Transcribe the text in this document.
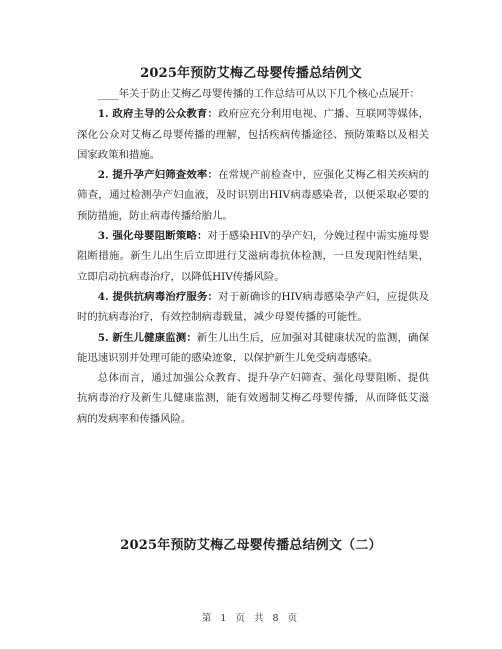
2025年预防艾梅乙母婴传播总结例文

____年关于防止艾梅乙母婴传播的工作总结可从以下几个核心点展开：

1. 政府主导的公众教育：政府应充分利用电视、广播、互联网等媒体，深化公众对艾梅乙母婴传播的理解，包括疾病传播途径、预防策略以及相关国家政策和措施。

2. 提升孕产妇筛查效率：在常规产前检查中，应强化艾梅乙相关疾病的筛查，通过检测孕产妇血液，及时识别出HIV病毒感染者，以便采取必要的预防措施，防止病毒传播给胎儿。

3. 强化母婴阻断策略：对于感染HIV的孕产妇，分娩过程中需实施母婴阻断措施。新生儿出生后立即进行艾滋病毒抗体检测，一旦发现阳性结果，立即启动抗病毒治疗，以降低HIV传播风险。

4. 提供抗病毒治疗服务：对于新确诊的HIV病毒感染孕产妇，应提供及时的抗病毒治疗，有效控制病毒载量，减少母婴传播的可能性。

5. 新生儿健康监测：新生儿出生后，应加强对其健康状况的监测，确保能迅速识别并处理可能的感染迹象，以保护新生儿免受病毒感染。

总体而言，通过加强公众教育、提升孕产妇筛查、强化母婴阻断、提供抗病毒治疗及新生儿健康监测，能有效遏制艾梅乙母婴传播，从而降低艾滋病的发病率和传播风险。

2025年预防艾梅乙母婴传播总结例文（二）
第 1 页 共 8 页
